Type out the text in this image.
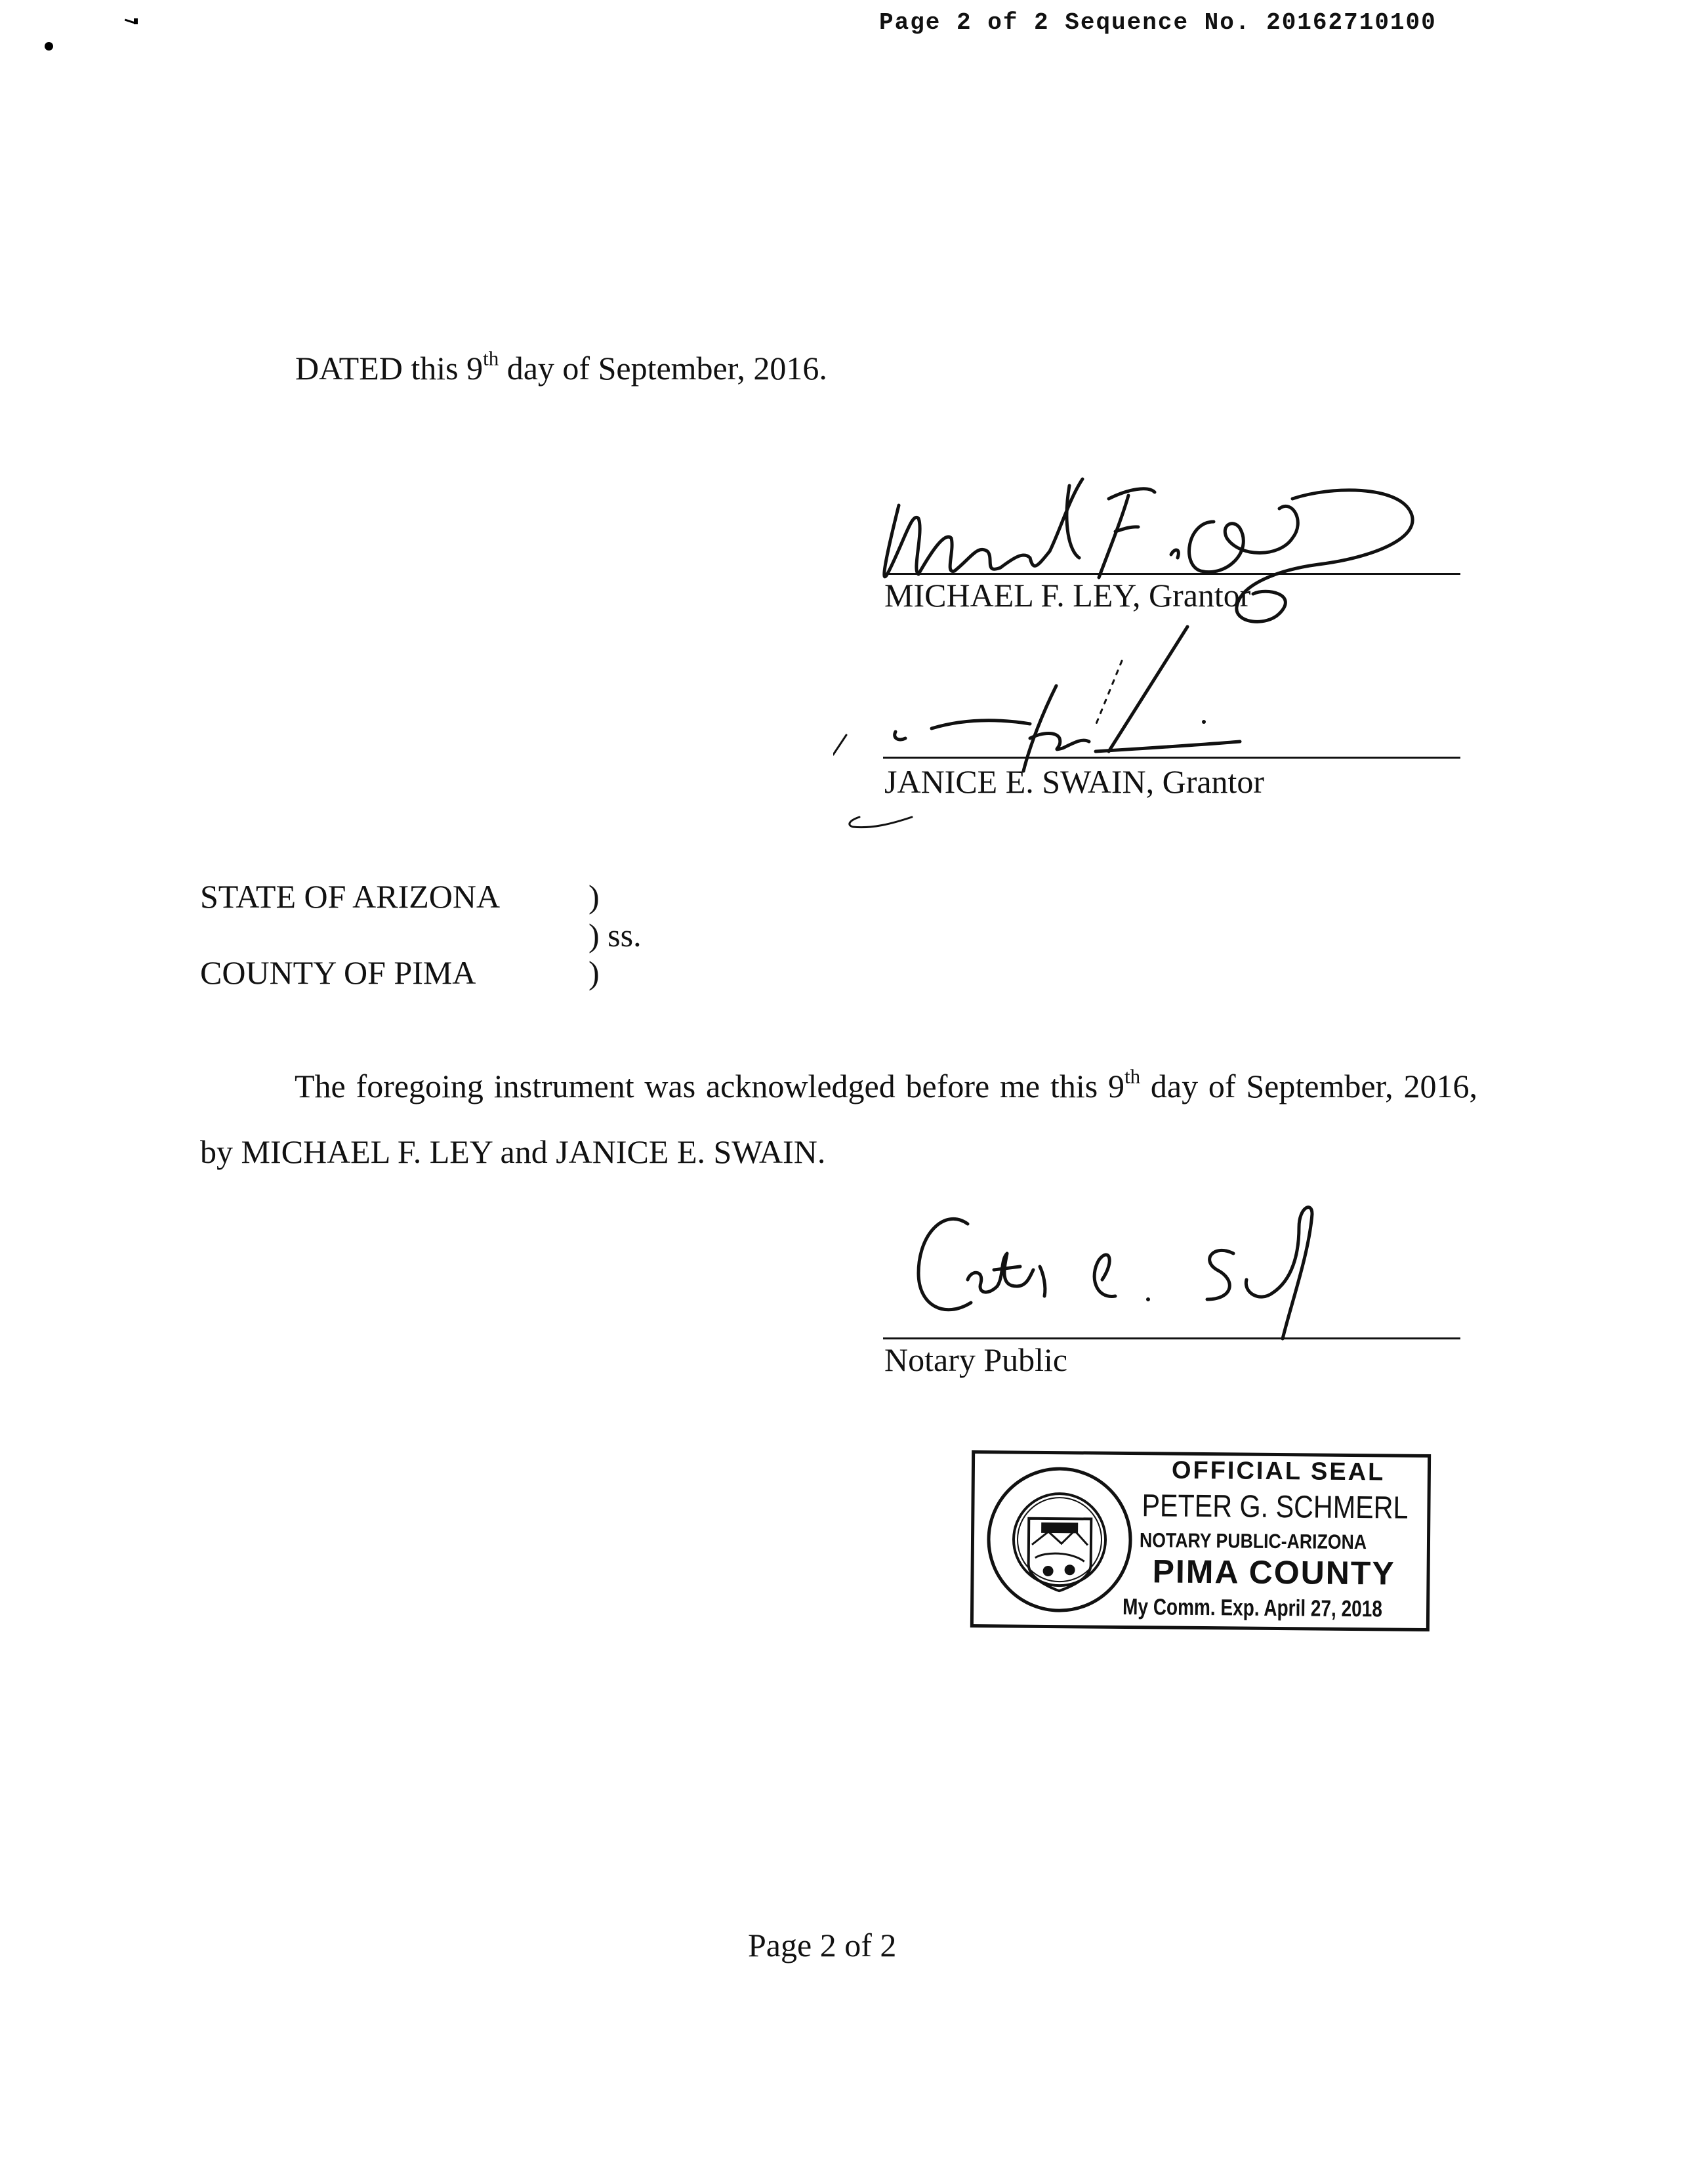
Page 2 of 2 Sequence No. 20162710100
DATED this 9th day of September, 2016.
MICHAEL F. LEY, Grantor
JANICE E. SWAIN, Grantor
STATE OF ARIZONA	)
) ss.
COUNTY OF PIMA	)
The foregoing instrument was acknowledged before me this 9th day of September, 2016, by MICHAEL F. LEY and JANICE E. SWAIN.
Notary Public
OFFICIAL SEAL
PETER G. SCHMERL
NOTARY PUBLIC-ARIZONA
PIMA COUNTY
My Comm. Exp. April 27, 2018
Page 2 of 2
